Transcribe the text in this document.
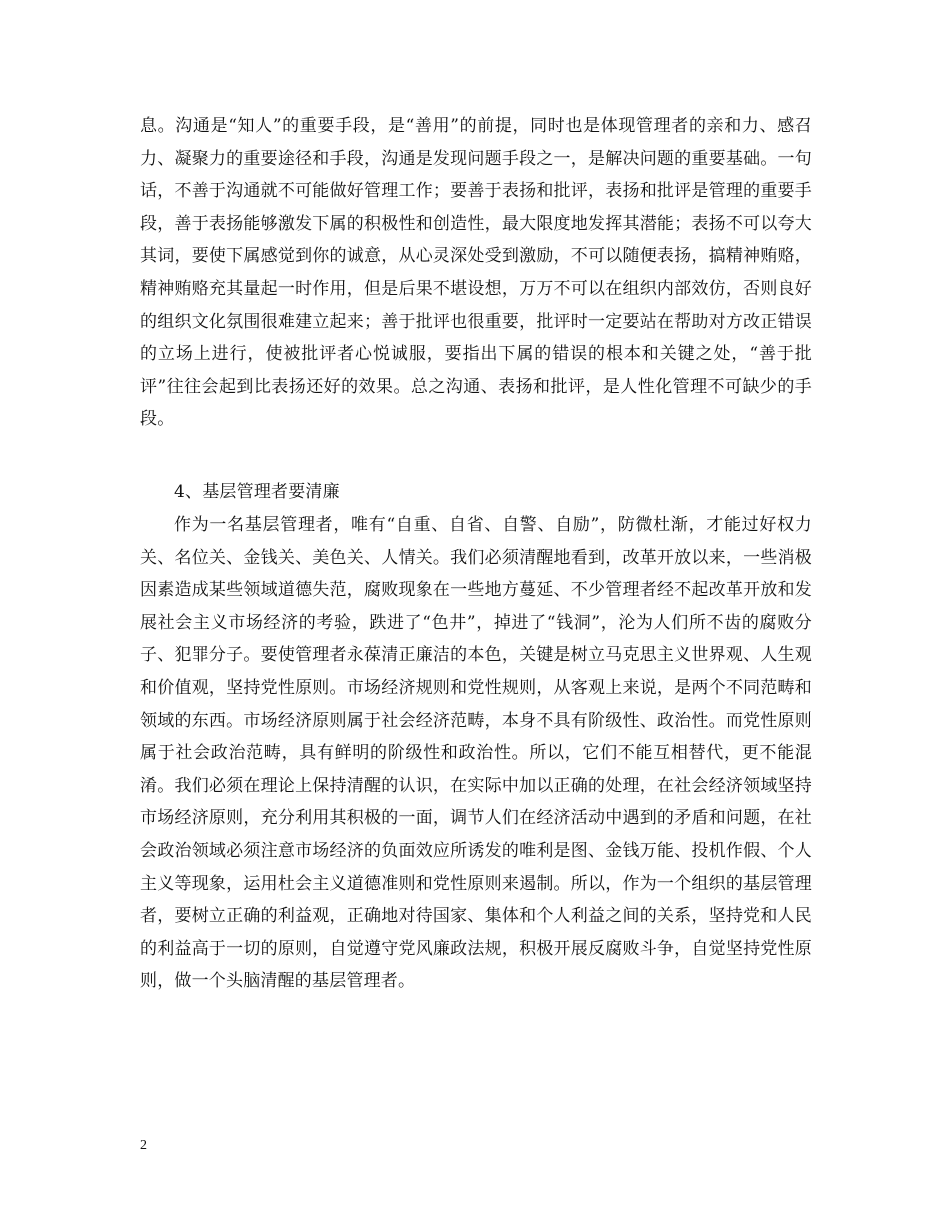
息。沟通是“知人”的重要手段，是“善用”的前提，同时也是体现管理者的亲和力、感召力、凝聚力的重要途径和手段，沟通是发现问题手段之一，是解决问题的重要基础。一句话，不善于沟通就不可能做好管理工作；要善于表扬和批评，表扬和批评是管理的重要手段，善于表扬能够激发下属的积极性和创造性，最大限度地发挥其潜能；表扬不可以夸大其词，要使下属感觉到你的诚意，从心灵深处受到激励，不可以随便表扬，搞精神贿赂，精神贿赂充其量起一时作用，但是后果不堪设想，万万不可以在组织内部效仿，否则良好的组织文化氛围很难建立起来；善于批评也很重要，批评时一定要站在帮助对方改正错误的立场上进行，使被批评者心悦诚服，要指出下属的错误的根本和关键之处，“善于批评”往往会起到比表扬还好的效果。总之沟通、表扬和批评，是人性化管理不可缺少的手段。

4、基层管理者要清廉

作为一名基层管理者，唯有“自重、自省、自警、自励”，防微杜渐，才能过好权力关、名位关、金钱关、美色关、人情关。我们必须清醒地看到，改革开放以来，一些消极因素造成某些领域道德失范，腐败现象在一些地方蔓延、不少管理者经不起改革开放和发展社会主义市场经济的考验，跌进了“色井”，掉进了“钱洞”，沦为人们所不齿的腐败分子、犯罪分子。要使管理者永葆清正廉洁的本色，关键是树立马克思主义世界观、人生观和价值观，坚持党性原则。市场经济规则和党性规则，从客观上来说，是两个不同范畴和领域的东西。市场经济原则属于社会经济范畴，本身不具有阶级性、政治性。而党性原则属于社会政治范畴，具有鲜明的阶级性和政治性。所以，它们不能互相替代，更不能混淆。我们必须在理论上保持清醒的认识，在实际中加以正确的处理，在社会经济领域坚持市场经济原则，充分利用其积极的一面，调节人们在经济活动中遇到的矛盾和问题，在社会政治领域必须注意市场经济的负面效应所诱发的唯利是图、金钱万能、投机作假、个人主义等现象，运用杜会主义道德准则和党性原则来遏制。所以，作为一个组织的基层管理者，要树立正确的利益观，正确地对待国家、集体和个人利益之间的关系，坚持党和人民的利益高于一切的原则，自觉遵守党风廉政法规，积极开展反腐败斗争，自觉坚持党性原则，做一个头脑清醒的基层管理者。

2
